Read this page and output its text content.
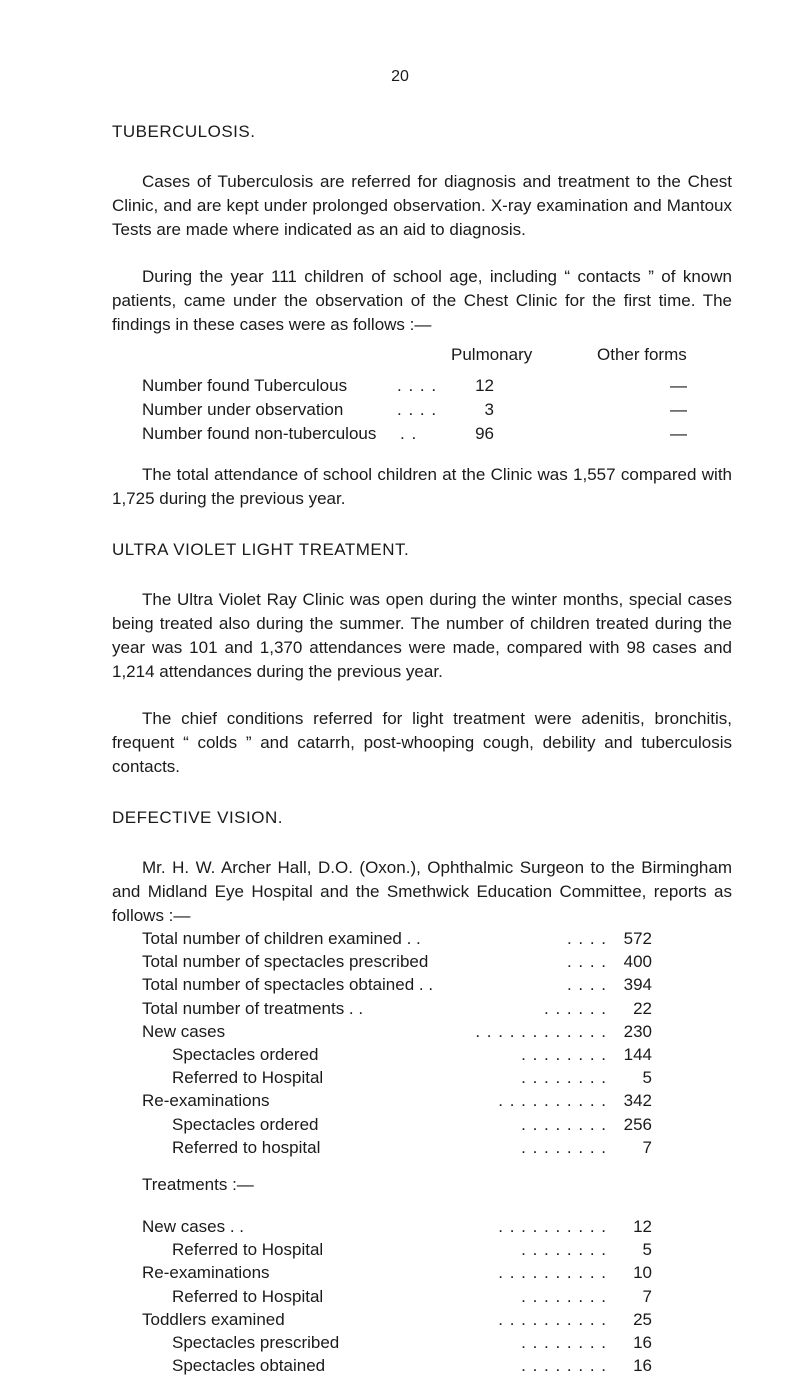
20
TUBERCULOSIS.
Cases of Tuberculosis are referred for diagnosis and treatment to the Chest Clinic, and are kept under prolonged observation. X-ray examination and Mantoux Tests are made where indicated as an aid to diagnosis.
During the year 111 children of school age, including “ contacts ” of known patients, came under the observation of the Chest Clinic for the first time. The findings in these cases were as follows :—
Pulmonary	Other forms
Number found Tuberculous	. . . .	12	—
Number under observation	. . . .	3	—
Number found non-tuberculous . .	96	—
The total attendance of school children at the Clinic was 1,557 compared with 1,725 during the previous year.
ULTRA VIOLET LIGHT TREATMENT.
The Ultra Violet Ray Clinic was open during the winter months, special cases being treated also during the summer. The number of children treated during the year was 101 and 1,370 attendances were made, compared with 98 cases and 1,214 attendances during the previous year.
The chief conditions referred for light treatment were adenitis, bronchitis, frequent “ colds ” and catarrh, post-whooping cough, debility and tuberculosis contacts.
DEFECTIVE VISION.
Mr. H. W. Archer Hall, D.O. (Oxon.), Ophthalmic Surgeon to the Birmingham and Midland Eye Hospital and the Smethwick Education Committee, reports as follows :—
Total number of children examined . .	. . . . 572
Total number of spectacles prescribed	. . . . 400
Total number of spectacles obtained . .	. . . . 394
Total number of treatments . .	. . . . . .	22
New cases	. . . . . . . . . . . . 230
Spectacles ordered	. . . . . . . . 144
Referred to Hospital	. . . . . . . .	5
Re-examinations	. . . . . . . . . . 342
Spectacles ordered	. . . . . . . . 256
Referred to hospital	. . . . . . . .	7
Treatments :—
New cases . .	. . . . . . . . . .	12
Referred to Hospital	. . . . . . . .	5
Re-examinations	. . . . . . . . . .	10
Referred to Hospital	. . . . . . . .	7
Toddlers examined	. . . . . . . . . .	25
Spectacles prescribed	. . . . . . . .	16
Spectacles obtained	. . . . . . . .	16
